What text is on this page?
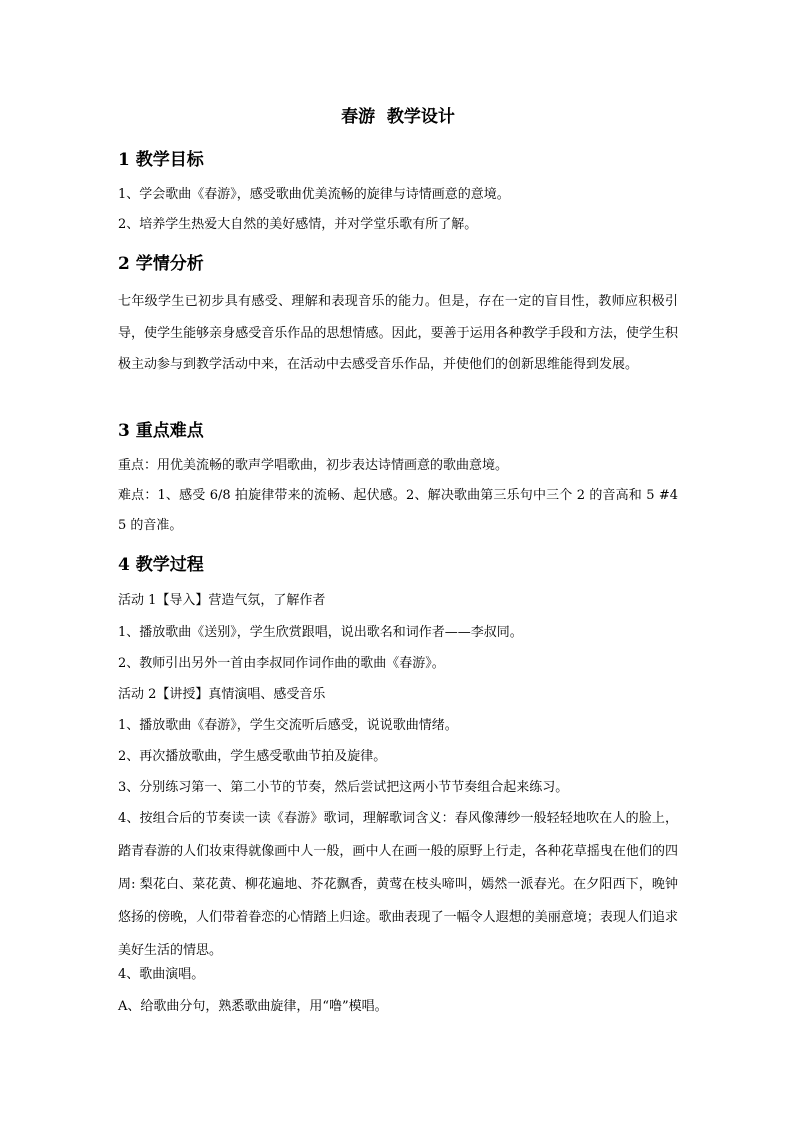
春游  教学设计
1 教学目标
1、学会歌曲《春游》，感受歌曲优美流畅的旋律与诗情画意的意境。
2、培养学生热爱大自然的美好感情，并对学堂乐歌有所了解。
2 学情分析
七年级学生已初步具有感受、理解和表现音乐的能力。但是，存在一定的盲目性，教师应积极引导，使学生能够亲身感受音乐作品的思想情感。因此，要善于运用各种教学手段和方法，使学生积极主动参与到教学活动中来，在活动中去感受音乐作品，并使他们的创新思维能得到发展。
3 重点难点
重点：用优美流畅的歌声学唱歌曲，初步表达诗情画意的歌曲意境。
难点：1、感受 6/8 拍旋律带来的流畅、起伏感。2、解决歌曲第三乐句中三个 2 的音高和 5 #4 5 的音准。
4 教学过程
活动 1【导入】营造气氛，了解作者
1、播放歌曲《送别》，学生欣赏跟唱，说出歌名和词作者——李叔同。
2、教师引出另外一首由李叔同作词作曲的歌曲《春游》。
活动 2【讲授】真情演唱、感受音乐
1、播放歌曲《春游》，学生交流听后感受，说说歌曲情绪。
2、再次播放歌曲，学生感受歌曲节拍及旋律。
3、分别练习第一、第二小节的节奏，然后尝试把这两小节节奏组合起来练习。
4、按组合后的节奏读一读《春游》歌词，理解歌词含义：春风像薄纱一般轻轻地吹在人的脸上，踏青春游的人们妆束得就像画中人一般，画中人在画一般的原野上行走，各种花草摇曳在他们的四周: 梨花白、菜花黄、柳花遍地、芥花飘香，黄莺在枝头啼叫，嫣然一派春光。在夕阳西下，晚钟悠扬的傍晚，人们带着眷恋的心情踏上归途。歌曲表现了一幅令人遐想的美丽意境；表现人们追求美好生活的情思。
4、歌曲演唱。
A、给歌曲分句，熟悉歌曲旋律，用“噜”模唱。
